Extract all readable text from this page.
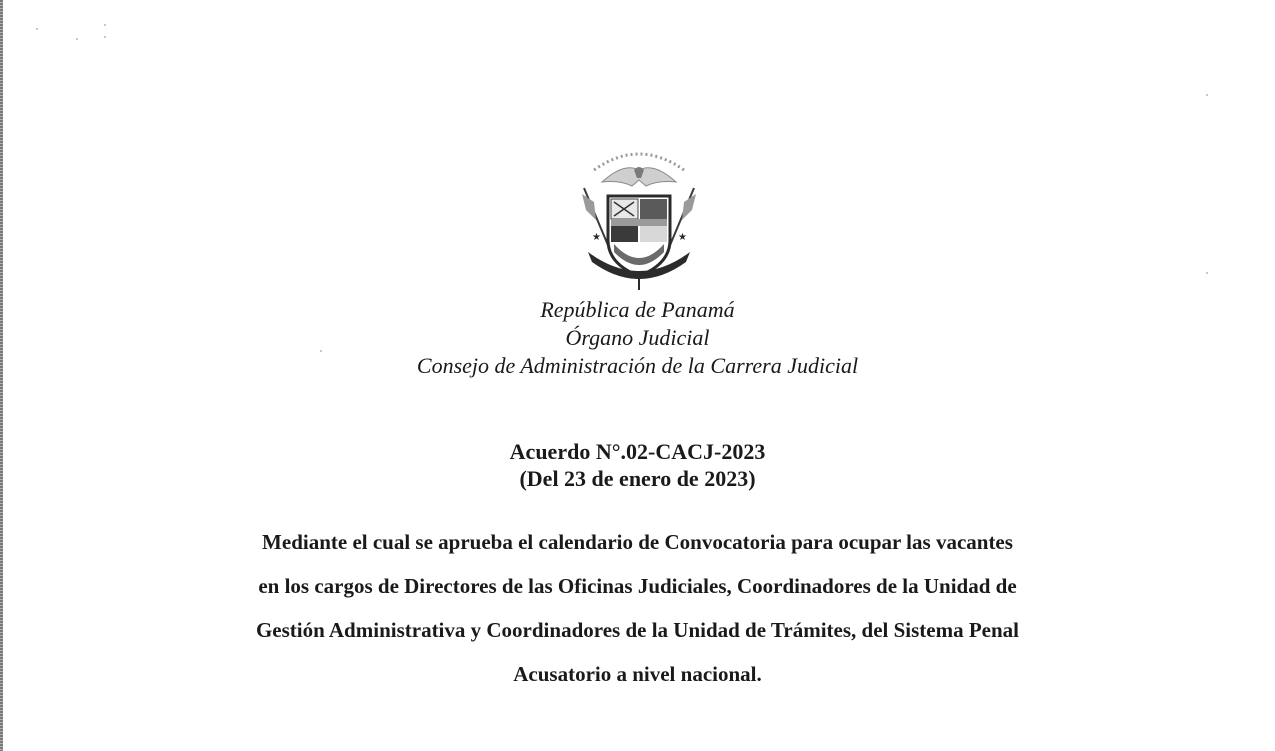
★	★
República de Panamá
Órgano Judicial
Consejo de Administración de la Carrera Judicial
Acuerdo N°.02-CACJ-2023
(Del 23 de enero de 2023)
Mediante el cual se aprueba el calendario de Convocatoria para ocupar las vacantes
en los cargos de Directores de las Oficinas Judiciales, Coordinadores de la Unidad de
Gestión Administrativa y Coordinadores de la Unidad de Trámites, del Sistema Penal
Acusatorio a nivel nacional.
